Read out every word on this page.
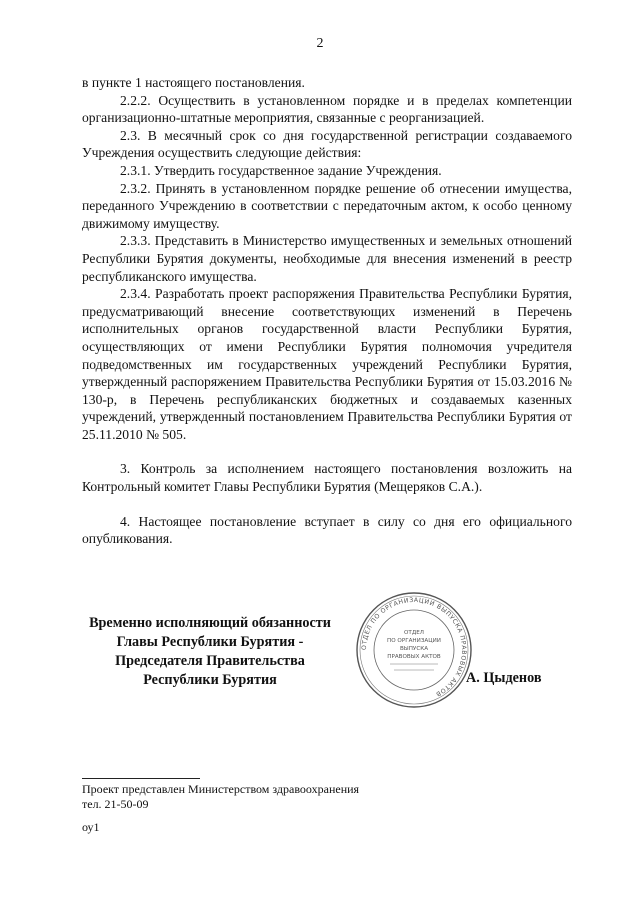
2

в пункте 1 настоящего постановления.

2.2.2. Осуществить в установленном порядке и в пределах компетенции организационно-штатные мероприятия, связанные с реорганизацией.

2.3. В месячный срок со дня государственной регистрации создаваемого Учреждения осуществить следующие действия:

2.3.1. Утвердить государственное задание Учреждения.

2.3.2. Принять в установленном порядке решение об отнесении имущества, переданного Учреждению в соответствии с передаточным актом, к особо ценному движимому имуществу.

2.3.3. Представить в Министерство имущественных и земельных отношений Республики Бурятия документы, необходимые для внесения изменений в реестр республиканского имущества.

2.3.4. Разработать проект распоряжения Правительства Республики Бурятия, предусматривающий внесение соответствующих изменений в Перечень исполнительных органов государственной власти Республики Бурятия, осуществляющих от имени Республики Бурятия полномочия учредителя подведомственных им государственных учреждений Республики Бурятия, утвержденный распоряжением Правительства Республики Бурятия от 15.03.2016 № 130-р, в Перечень республиканских бюджетных и создаваемых казенных учреждений, утвержденный постановлением Правительства Республики Бурятия от 25.11.2010 № 505.

3. Контроль за исполнением настоящего постановления возложить на Контрольный комитет Главы Республики Бурятия (Мещеряков С.А.).

4. Настоящее постановление вступает в силу со дня его официального опубликования.

Временно исполняющий обязанности
Главы Республики Бурятия -
Председателя Правительства
Республики Бурятия
ОТДЕЛ ПО ОРГАНИЗАЦИИ ВЫПУСКА ПРАВОВЫХ АКТОВ
ОТДЕЛ
ПО ОРГАНИЗАЦИИ
ВЫПУСКА
ПРАВОВЫХ АКТОВ
А. Цыденов
Проект представлен Министерством здравоохранения
тел. 21-50-09
оу1
